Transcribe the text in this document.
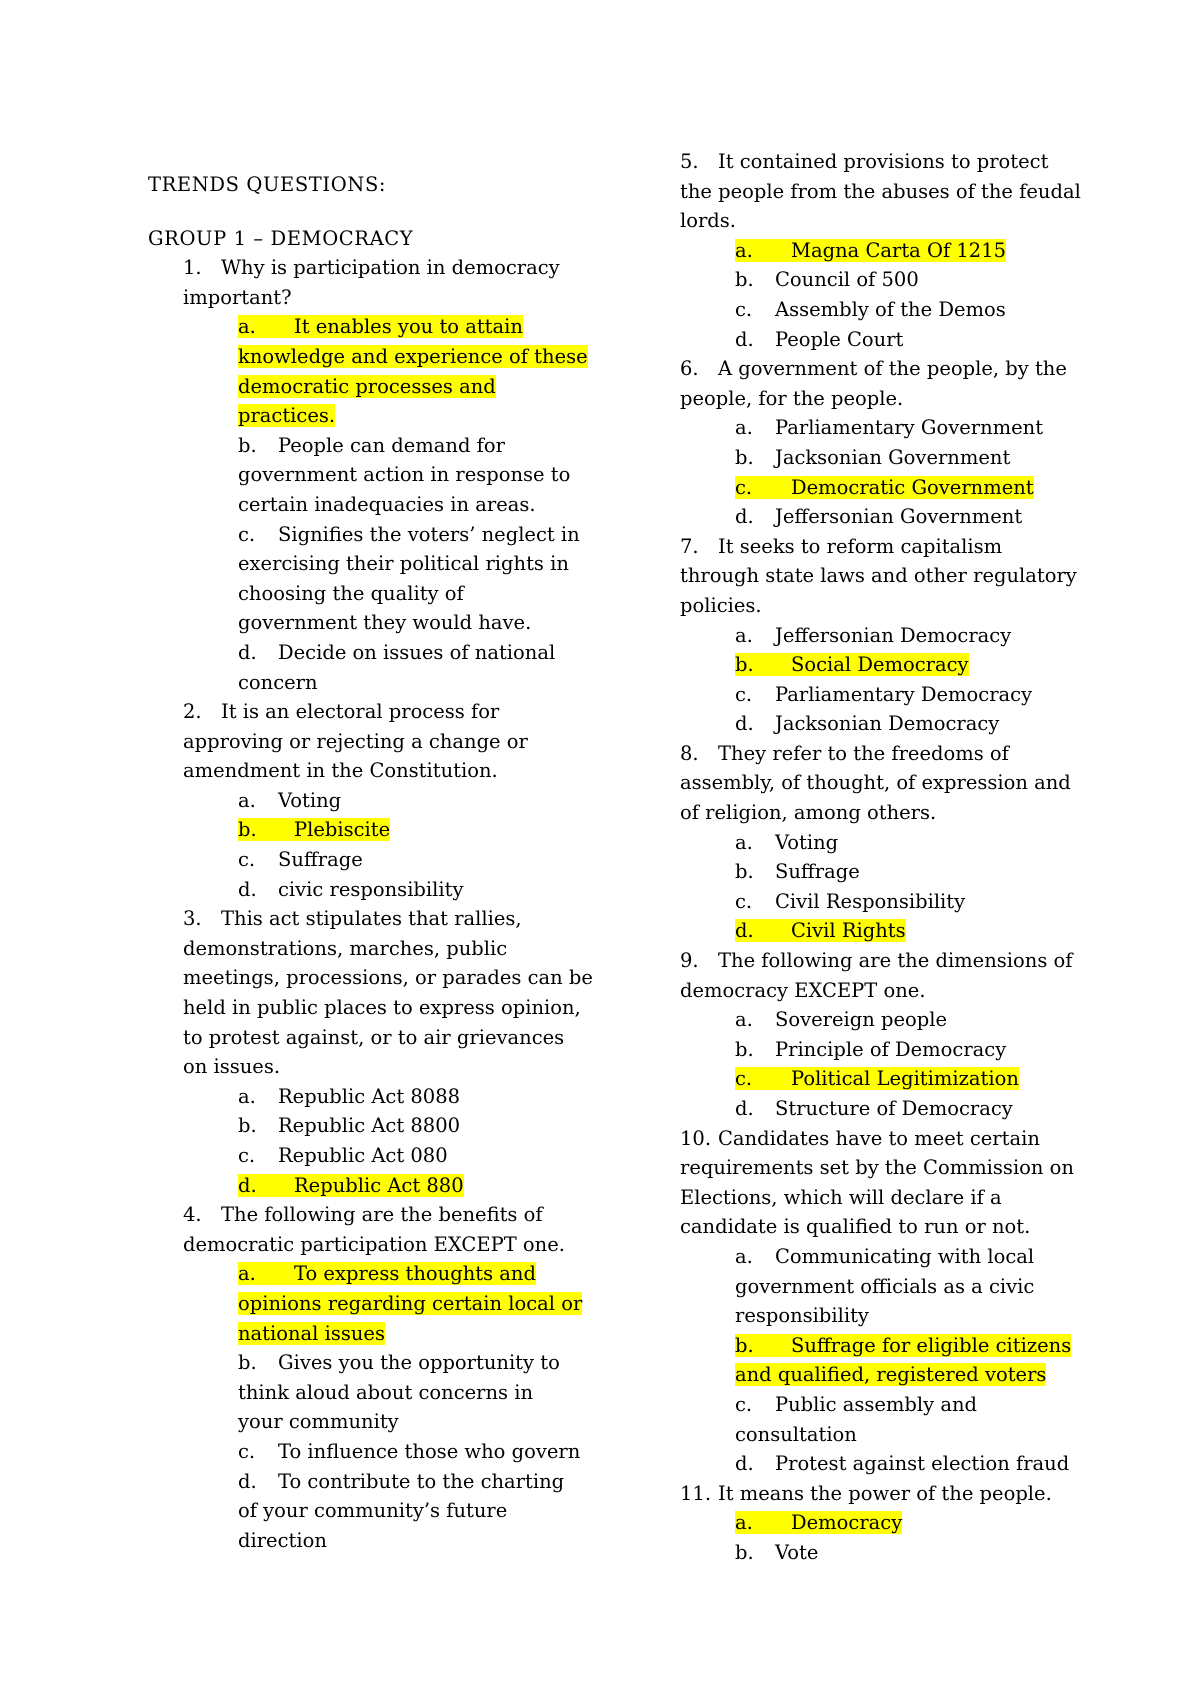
TRENDS QUESTIONS:
GROUP 1 – DEMOCRACY
1. Why is participation in democracy
important?
a. It enables you to attain
knowledge and experience of these
democratic processes and
practices.
b. People can demand for
government action in response to
certain inadequacies in areas.
c. Signifies the voters’ neglect in
exercising their political rights in
choosing the quality of
government they would have.
d. Decide on issues of national
concern
2. It is an electoral process for
approving or rejecting a change or
amendment in the Constitution.
a. Voting
b. Plebiscite
c. Suffrage
d. civic responsibility
3. This act stipulates that rallies,
demonstrations, marches, public
meetings, processions, or parades can be
held in public places to express opinion,
to protest against, or to air grievances
on issues.
a. Republic Act 8088
b. Republic Act 8800
c. Republic Act 080
d. Republic Act 880
4. The following are the benefits of
democratic participation EXCEPT one.
a. To express thoughts and
opinions regarding certain local or
national issues
b. Gives you the opportunity to
think aloud about concerns in
your community
c. To influence those who govern
d. To contribute to the charting
of your community’s future
direction
5. It contained provisions to protect
the people from the abuses of the feudal
lords.
a. Magna Carta Of 1215
b. Council of 500
c. Assembly of the Demos
d. People Court
6. A government of the people, by the
people, for the people.
a. Parliamentary Government
b. Jacksonian Government
c. Democratic Government
d. Jeffersonian Government
7. It seeks to reform capitalism
through state laws and other regulatory
policies.
a. Jeffersonian Democracy
b. Social Democracy
c. Parliamentary Democracy
d. Jacksonian Democracy
8. They refer to the freedoms of
assembly, of thought, of expression and
of religion, among others.
a. Voting
b. Suffrage
c. Civil Responsibility
d. Civil Rights
9. The following are the dimensions of
democracy EXCEPT one.
a. Sovereign people
b. Principle of Democracy
c. Political Legitimization
d. Structure of Democracy
10. Candidates have to meet certain
requirements set by the Commission on
Elections, which will declare if a
candidate is qualified to run or not.
a. Communicating with local
government officials as a civic
responsibility
b. Suffrage for eligible citizens
and qualified, registered voters
c. Public assembly and
consultation
d. Protest against election fraud
11. It means the power of the people.
a. Democracy
b. Vote
